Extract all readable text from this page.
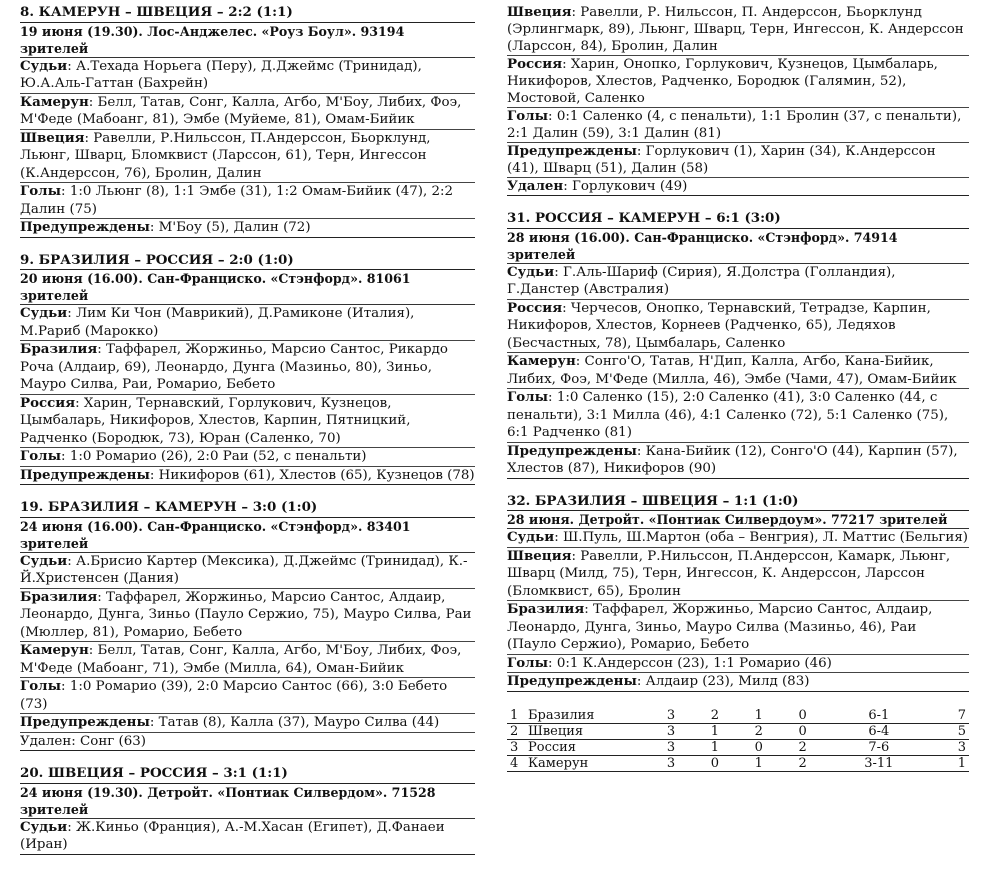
8. КАМЕРУН – ШВЕЦИЯ – 2:2 (1:1)
19 июня (19.30). Лос-Анджелес. «Роуз Боул». 93194 зрителей
Судьи: А.Техада Норьега (Перу), Д.Джеймс (Тринидад), Ю.А.Аль-Гаттан (Бахрейн)
Камерун: Белл, Татав, Сонг, Калла, Агбо, М'Боу, Либих, Фоэ, М'Феде (Мабоанг, 81), Эмбе (Муйеме, 81), Омам-Бийик
Швеция: Равелли, Р.Нильссон, П.Андерссон, Бьорклунд, Льюнг, Шварц, Бломквист (Ларссон, 61), Терн, Ингессон (К.Андерссон, 76), Бролин, Далин
Голы: 1:0 Льюнг (8), 1:1 Эмбе (31), 1:2 Омам-Бийик (47), 2:2 Далин (75)
Предупреждены: М'Боу (5), Далин (72)
9. БРАЗИЛИЯ – РОССИЯ – 2:0 (1:0)
20 июня (16.00). Сан-Франциско. «Стэнфорд». 81061 зрителей
Судьи: Лим Ки Чон (Маврикий), Д.Рамиконе (Италия), М.Рариб (Марокко)
Бразилия: Таффарел, Жоржиньо, Марсио Сантос, Рикардо Роча (Алдаир, 69), Леонардо, Дунга (Мазиньо, 80), Зиньо, Мауро Силва, Раи, Ромарио, Бебето
Россия: Харин, Тернавский, Горлукович, Кузнецов, Цымбаларь, Никифоров, Хлестов, Карпин, Пятницкий, Радченко (Бородюк, 73), Юран (Саленко, 70)
Голы: 1:0 Ромарио (26), 2:0 Раи (52, с пенальти)
Предупреждены: Никифоров (61), Хлестов (65), Кузнецов (78)
19. БРАЗИЛИЯ – КАМЕРУН – 3:0 (1:0)
24 июня (16.00). Сан-Франциско. «Стэнфорд». 83401 зрителей
Судьи: А.Брисио Картер (Мексика), Д.Джеймс (Тринидад), К.-Й.Христенсен (Дания)
Бразилия: Таффарел, Жоржиньо, Марсио Сантос, Алдаир, Леонардо, Дунга, Зиньо (Пауло Сержио, 75), Мауро Силва, Раи (Мюллер, 81), Ромарио, Бебето
Камерун: Белл, Татав, Сонг, Калла, Агбо, М'Боу, Либих, Фоэ, М'Феде (Мабоанг, 71), Эмбе (Милла, 64), Оман-Бийик
Голы: 1:0 Ромарио (39), 2:0 Марсио Сантос (66), 3:0 Бебето (73)
Предупреждены: Татав (8), Калла (37), Мауро Силва (44)
Удален: Сонг (63)
20. ШВЕЦИЯ – РОССИЯ – 3:1 (1:1)
24 июня (19.30). Детройт. «Понтиак Силвердом». 71528 зрителей
Судьи: Ж.Киньо (Франция), А.-М.Хасан (Египет), Д.Фанаеи (Иран)
Швеция: Равелли, Р. Нильссон, П. Андерссон, Бьорклунд (Эрлингмарк, 89), Льюнг, Шварц, Терн, Ингессон, К. Андерссон (Ларссон, 84), Бролин, Далин
Россия: Харин, Онопко, Горлукович, Кузнецов, Цымбаларь, Никифоров, Хлестов, Радченко, Бородюк (Галямин, 52), Мостовой, Саленко
Голы: 0:1 Саленко (4, с пенальти), 1:1 Бролин (37, с пенальти), 2:1 Далин (59), 3:1 Далин (81)
Предупреждены: Горлукович (1), Харин (34), К.Андерссон (41), Шварц (51), Далин (58)
Удален: Горлукович (49)
31. РОССИЯ – КАМЕРУН – 6:1 (3:0)
28 июня (16.00). Сан-Франциско. «Стэнфорд». 74914 зрителей
Судьи: Г.Аль-Шариф (Сирия), Я.Долстра (Голландия), Г.Данстер (Австралия)
Россия: Черчесов, Онопко, Тернавский, Тетрадзе, Карпин, Никифоров, Хлестов, Корнеев (Радченко, 65), Ледяхов (Бесчастных, 78), Цымбаларь, Саленко
Камерун: Сонго'О, Татав, Н'Дип, Калла, Агбо, Кана-Бийик, Либих, Фоэ, М'Феде (Милла, 46), Эмбе (Чами, 47), Омам-Бийик
Голы: 1:0 Саленко (15), 2:0 Саленко (41), 3:0 Саленко (44, с пенальти), 3:1 Милла (46), 4:1 Саленко (72), 5:1 Саленко (75), 6:1 Радченко (81)
Предупреждены: Кана-Бийик (12), Сонго'О (44), Карпин (57), Хлестов (87), Никифоров (90)
32. БРАЗИЛИЯ – ШВЕЦИЯ – 1:1 (1:0)
28 июня. Детройт. «Понтиак Силвердоум». 77217 зрителей
Судьи: Ш.Пуль, Ш.Мартон (оба – Венгрия), Л. Маттис (Бельгия)
Швеция: Равелли, Р.Нильссон, П.Андерссон, Камарк, Льюнг, Шварц (Милд, 75), Терн, Ингессон, К. Андерссон, Ларссон (Бломквист, 65), Бролин
Бразилия: Таффарел, Жоржиньо, Марсио Сантос, Алдаир, Леонардо, Дунга, Зиньо, Мауро Силва (Мазиньо, 46), Раи (Пауло Сержио), Ромарио, Бебето
Голы: 0:1 К.Андерссон (23), 1:1 Ромарио (46)
Предупреждены: Алдаир (23), Милд (83)
1	Бразилия	3	2	1	0	6-1	7
2	Швеция	3	1	2	0	6-4	5
3	Россия	3	1	0	2	7-6	3
4	Камерун	3	0	1	2	3-11	1
